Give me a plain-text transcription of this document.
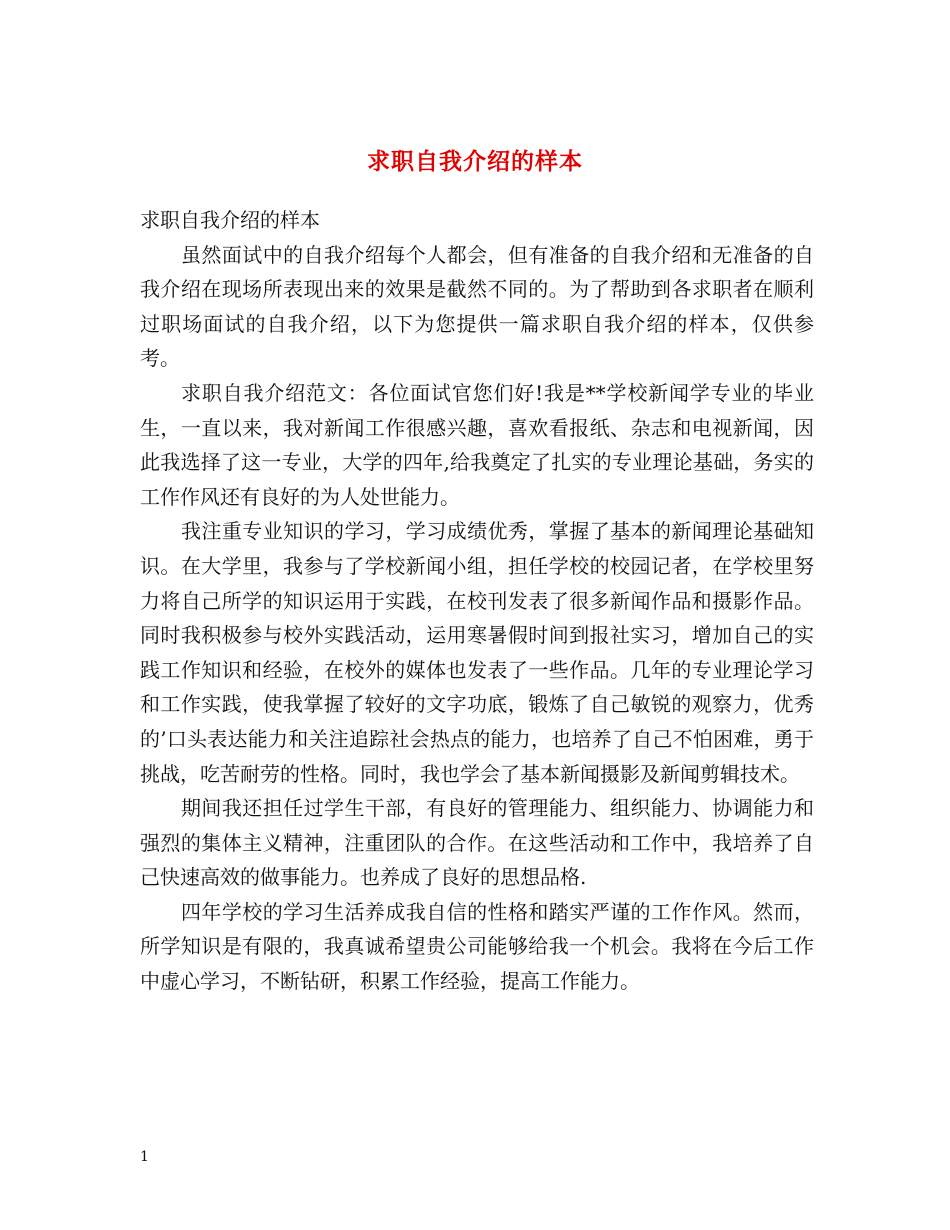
求职自我介绍的样本

求职自我介绍的样本

虽然面试中的自我介绍每个人都会，但有准备的自我介绍和无准备的自我介绍在现场所表现出来的效果是截然不同的。为了帮助到各求职者在顺利过职场面试的自我介绍，以下为您提供一篇求职自我介绍的样本，仅供参考。

求职自我介绍范文：各位面试官您们好!我是**学校新闻学专业的毕业生，一直以来，我对新闻工作很感兴趣，喜欢看报纸、杂志和电视新闻，因此我选择了这一专业，大学的四年,给我奠定了扎实的专业理论基础，务实的工作作风还有良好的为人处世能力。

我注重专业知识的学习，学习成绩优秀，掌握了基本的新闻理论基础知识。在大学里，我参与了学校新闻小组，担任学校的校园记者，在学校里努力将自己所学的知识运用于实践，在校刊发表了很多新闻作品和摄影作品。同时我积极参与校外实践活动，运用寒暑假时间到报社实习，增加自己的实践工作知识和经验，在校外的媒体也发表了一些作品。几年的专业理论学习和工作实践，使我掌握了较好的文字功底，锻炼了自己敏锐的观察力，优秀的’口头表达能力和关注追踪社会热点的能力，也培养了自己不怕困难，勇于挑战，吃苦耐劳的性格。同时，我也学会了基本新闻摄影及新闻剪辑技术。

期间我还担任过学生干部，有良好的管理能力、组织能力、协调能力和强烈的集体主义精神，注重团队的合作。在这些活动和工作中，我培养了自己快速高效的做事能力。也养成了良好的思想品格.

四年学校的学习生活养成我自信的性格和踏实严谨的工作作风。然而，所学知识是有限的，我真诚希望贵公司能够给我一个机会。我将在今后工作中虚心学习，不断钻研，积累工作经验，提高工作能力。

1
